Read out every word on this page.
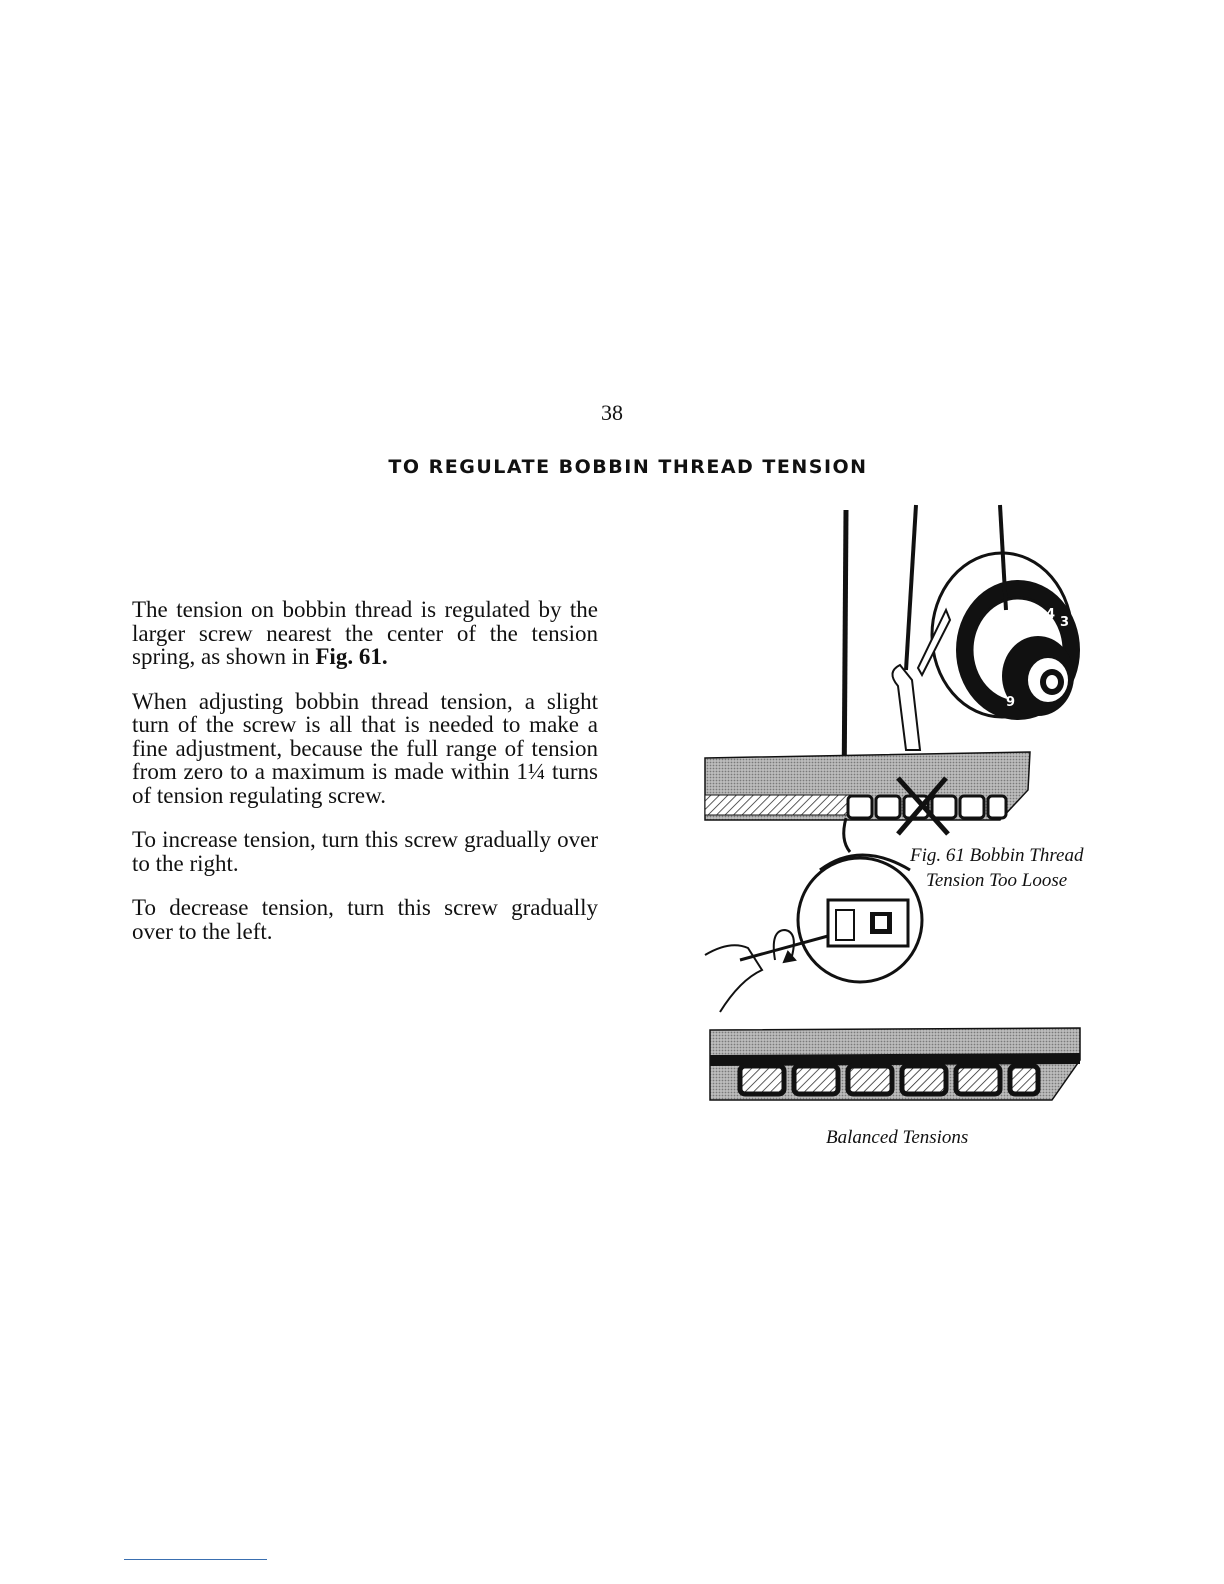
38
TO REGULATE BOBBIN THREAD TENSION

The tension on bobbin thread is regulated by the larger screw nearest the center of the tension spring, as shown in Fig. 61.

When adjusting bobbin thread tension, a slight turn of the screw is all that is needed to make a fine adjustment, because the full range of tension from zero to a maximum is made within 1¼ turns of tension regulating screw.

To increase tension, turn this screw gradually over to the right.

To decrease tension, turn this screw gradually over to the left.

3
4
5
6
7
8
9
Fig. 61 Bobbin Thread
Tension Too Loose
Balanced Tensions
